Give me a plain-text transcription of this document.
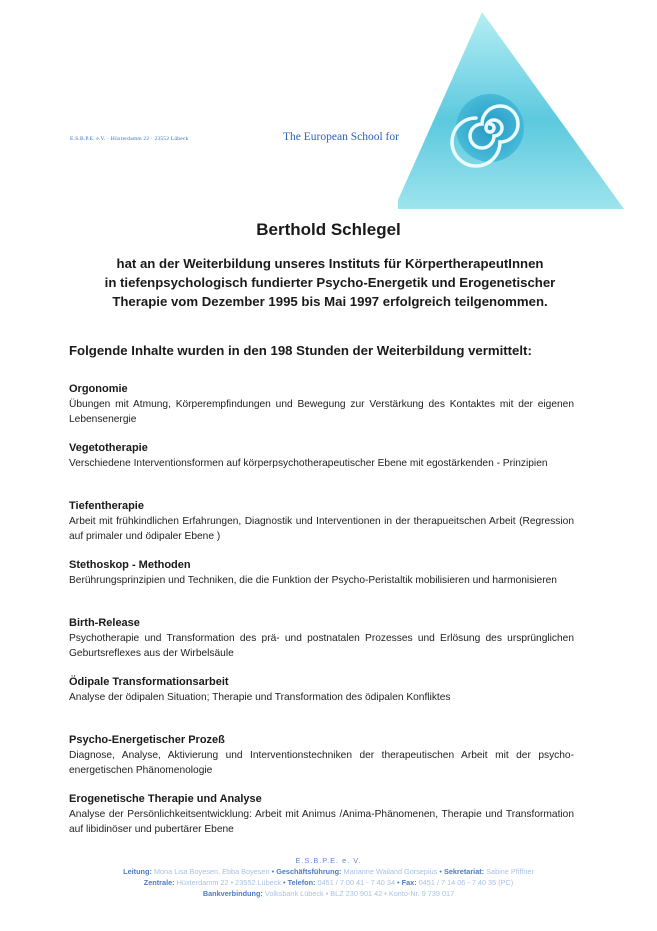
E.S.B.P.E. e.V. · Hüxterdamm 22 · 23552 Lübeck	The European School for
Berthold Schlegel
hat an der Weiterbildung unseres Instituts für KörpertherapeutInnen
in tiefenpsychologisch fundierter Psycho-Energetik und Erogenetischer
Therapie vom Dezember 1995 bis Mai 1997 erfolgreich teilgenommen.
Folgende Inhalte wurden in den 198 Stunden der Weiterbildung vermittelt:
Orgonomie
Übungen mit Atmung, Körperempfindungen und Bewegung zur Verstärkung des Kontaktes mit der eigenen Lebensenergie
Vegetotherapie
Verschiedene Interventionsformen auf körperpsychotherapeutischer Ebene mit egostärkenden - Prinzipien
Tiefentherapie
Arbeit mit frühkindlichen Erfahrungen, Diagnostik und Interventionen in der therapueitschen Arbeit (Regression auf primaler und ödipaler Ebene )
Stethoskop - Methoden
Berührungsprinzipien und Techniken, die die Funktion der Psycho-Peristaltik mobilisieren und harmonisieren
Birth-Release
Psychotherapie und Transformation des prä- und postnatalen Prozesses und Erlösung des ursprünglichen Geburtsreflexes aus der Wirbelsäule
Ödipale Transformationsarbeit
Analyse der ödipalen Situation; Therapie und Transformation des ödipalen Konfliktes
Psycho-Energetischer Prozeß
Diagnose, Analyse, Aktivierung und Interventionstechniken der therapeutischen Arbeit mit der psycho-energetischen Phänomenologie
Erogenetische Therapie und Analyse
Analyse der Persönlichkeitsentwicklung: Arbeit mit Animus /Anima-Phänomenen, Therapie und Transformation auf libidinöser und pubertärer Ebene
E.S.B.P.E. e. V.
Leitung: Mona Lisa Boyesen, Ebba Boyesen • Geschäftsführung: Marianne Wailand Gorsepius • Sekretariat: Sabine Pfiffner
Zentrale: Hüxterdamm 22 • 23552 Lübeck • Telefon: 0451 / 7 00 41 - 7 40 34 • Fax: 0451 / 7 14 06 - 7 40 35 (PC)
Bankverbindung: Volksbank Lübeck • BLZ 230 901 42 • Konto-Nr. 9 739 017
